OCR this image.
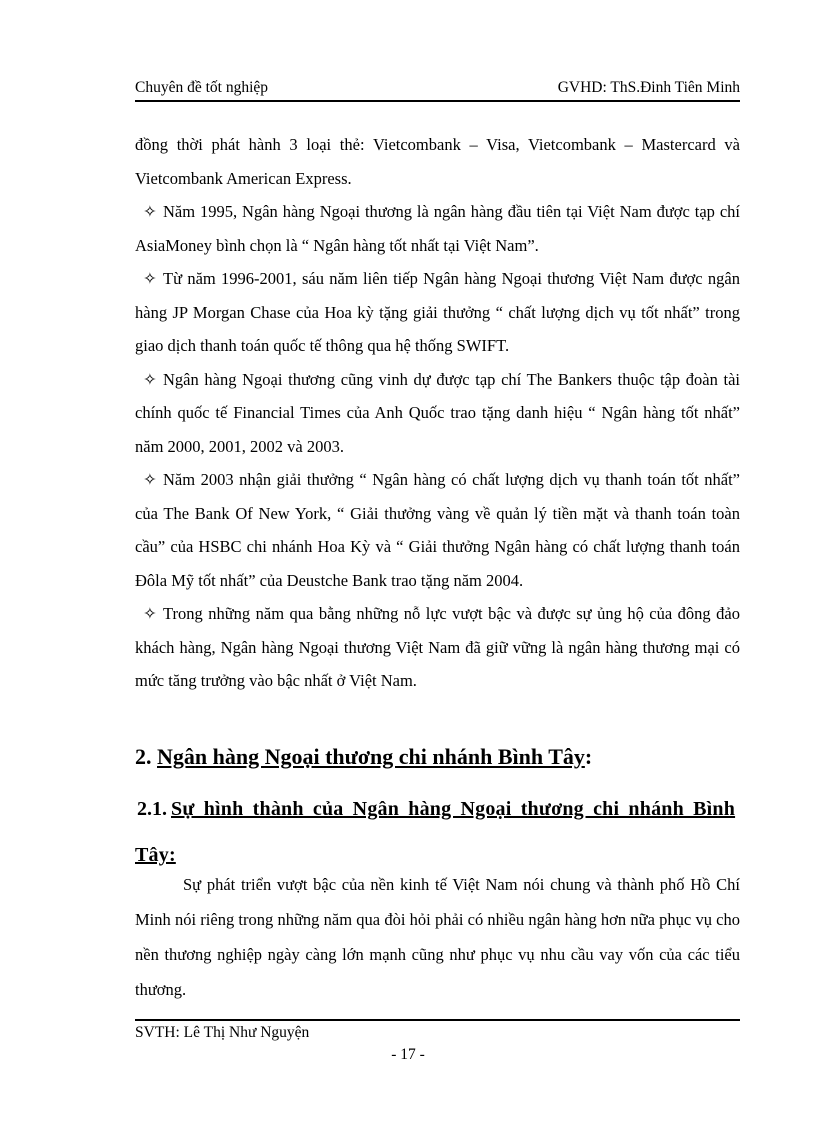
Chuyên đề tốt nghiệp	GVHD: ThS.Đinh Tiên Minh

đồng thời phát hành 3 loại thẻ: Vietcombank – Visa, Vietcombank – Mastercard và Vietcombank American Express.

✧ Năm 1995, Ngân hàng Ngoại thương là ngân hàng đầu tiên tại Việt Nam được tạp chí AsiaMoney bình chọn là “ Ngân hàng tốt nhất tại Việt Nam”.

✧ Từ năm 1996-2001, sáu năm liên tiếp Ngân hàng Ngoại thương Việt Nam được ngân hàng JP Morgan Chase của Hoa kỳ tặng giải thưởng “ chất lượng dịch vụ tốt nhất” trong giao dịch thanh toán quốc tế thông qua hệ thống SWIFT.

✧ Ngân hàng Ngoại thương cũng vinh dự được tạp chí The Bankers thuộc tập đoàn tài chính quốc tế Financial Times của Anh Quốc trao tặng danh hiệu “ Ngân hàng tốt nhất” năm 2000, 2001, 2002 và 2003.

✧ Năm 2003 nhận giải thưởng “ Ngân hàng có chất lượng dịch vụ thanh toán tốt nhất” của The Bank Of New York, “ Giải thưởng vàng về quản lý tiền mặt và thanh toán toàn cầu” của HSBC chi nhánh Hoa Kỳ và “ Giải thưởng Ngân hàng có chất lượng thanh toán Đôla Mỹ tốt nhất” của Deustche Bank trao tặng năm 2004.

✧ Trong những năm qua bằng những nỗ lực vượt bậc và được sự ủng hộ của đông đảo khách hàng, Ngân hàng Ngoại thương Việt Nam đã giữ vững là ngân hàng thương mại có mức tăng trưởng vào bậc nhất ở Việt Nam.

2. Ngân hàng Ngoại thương chi nhánh Bình Tây:
2.1. Sự hình thành của Ngân hàng Ngoại thương chi nhánh Bình Tây:

Sự phát triển vượt bậc của nền kinh tế Việt Nam nói chung và thành phố Hồ Chí Minh nói riêng trong những năm qua đòi hỏi phải có nhiều ngân hàng hơn nữa phục vụ cho nền thương nghiệp ngày càng lớn mạnh cũng như phục vụ nhu cầu vay vốn của các tiểu thương.

SVTH: Lê Thị Như Nguyện
- 17 -
